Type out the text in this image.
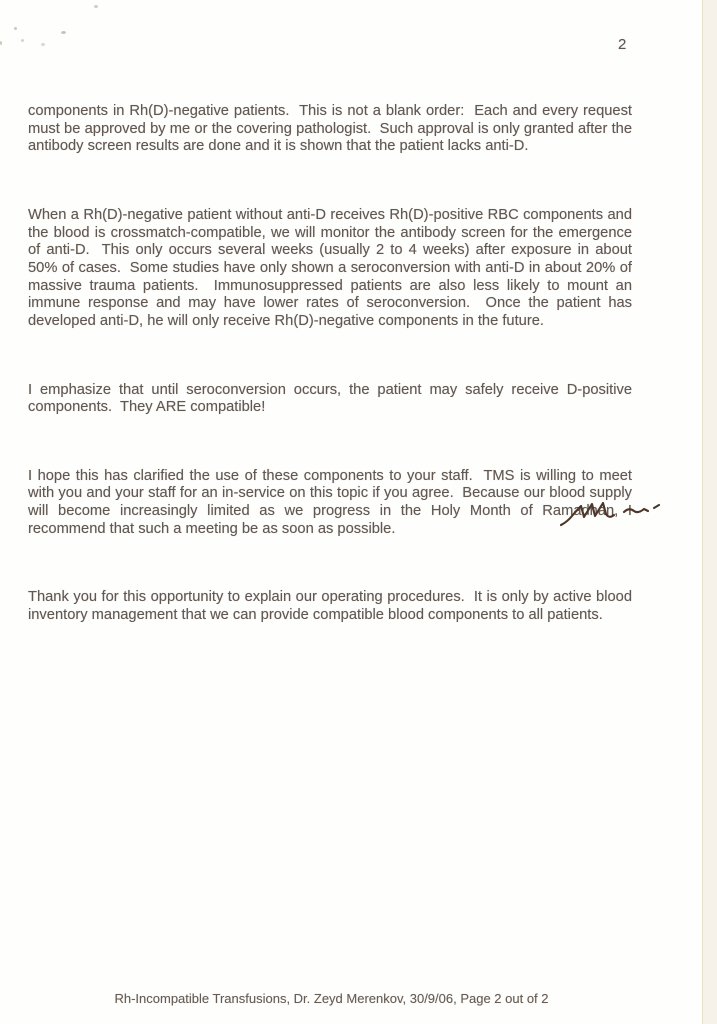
2

components in Rh(D)-negative patients.  This is not a blank order:  Each and every request must be approved by me or the covering pathologist.  Such approval is only granted after the antibody screen results are done and it is shown that the patient lacks anti-D.

When a Rh(D)-negative patient without anti-D receives Rh(D)-positive RBC components and the blood is crossmatch-compatible, we will monitor the antibody screen for the emergence of anti-D.  This only occurs several weeks (usually 2 to 4 weeks) after exposure in about 50% of cases.  Some studies have only shown a seroconversion with anti-D in about 20% of massive trauma patients.  Immunosuppressed patients are also less likely to mount an immune response and may have lower rates of seroconversion.  Once the patient has developed anti-D, he will only receive Rh(D)-negative components in the future.

I emphasize that until seroconversion occurs, the patient may safely receive D-positive components.  They ARE compatible!

I hope this has clarified the use of these components to your staff.  TMS is willing to meet with you and your staff for an in-service on this topic if you agree.  Because our blood supply will become increasingly limited as we progress in the Holy Month of Ramadhan, I recommend that such a meeting be as soon as possible.

Thank you for this opportunity to explain our operating procedures.  It is only by active blood inventory management that we can provide compatible blood components to all patients.

Rh-Incompatible Transfusions, Dr. Zeyd Merenkov, 30/9/06, Page 2 out of 2
